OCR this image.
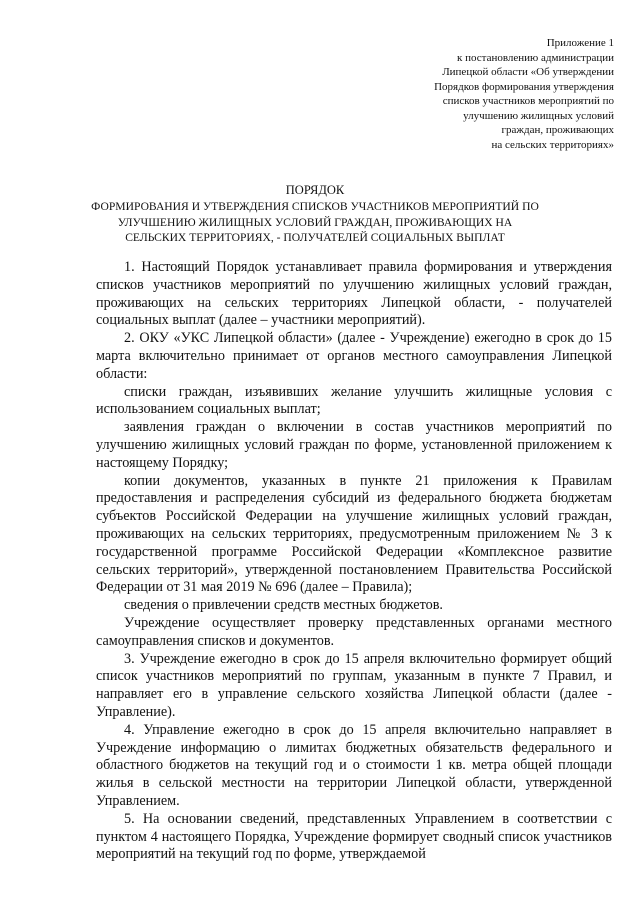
Приложение 1
к постановлению администрации
Липецкой области «Об утверждении
Порядков формирования утверждения
списков участников мероприятий по
улучшению жилищных условий
граждан, проживающих
на сельских территориях»
ПОРЯДОК
ФОРМИРОВАНИЯ И УТВЕРЖДЕНИЯ СПИСКОВ УЧАСТНИКОВ МЕРОПРИЯТИЙ ПО
УЛУЧШЕНИЮ ЖИЛИЩНЫХ УСЛОВИЙ ГРАЖДАН, ПРОЖИВАЮЩИХ НА
СЕЛЬСКИХ ТЕРРИТОРИЯХ, - ПОЛУЧАТЕЛЕЙ СОЦИАЛЬНЫХ ВЫПЛАТ

1. Настоящий Порядок устанавливает правила формирования и утверждения списков участников мероприятий по улучшению жилищных условий граждан, проживающих на сельских территориях Липецкой области, - получателей социальных выплат (далее – участники мероприятий).

2. ОКУ «УКС Липецкой области» (далее - Учреждение) ежегодно в срок до 15 марта включительно принимает от органов местного самоуправления Липецкой области:

списки граждан, изъявивших желание улучшить жилищные условия с использованием социальных выплат;

заявления граждан о включении в состав участников мероприятий по улучшению жилищных условий граждан по форме, установленной приложением к настоящему Порядку;

копии документов, указанных в пункте 21 приложения к Правилам предоставления и распределения субсидий из федерального бюджета бюджетам субъектов Российской Федерации на улучшение жилищных условий граждан, проживающих на сельских территориях, предусмотренным приложением № 3 к государственной программе Российской Федерации «Комплексное развитие сельских территорий», утвержденной постановлением Правительства Российской Федерации от 31 мая 2019 № 696 (далее – Правила);

сведения о привлечении средств местных бюджетов.

Учреждение осуществляет проверку представленных органами местного самоуправления списков и документов.

3. Учреждение ежегодно в срок до 15 апреля включительно формирует общий список участников мероприятий по группам, указанным в пункте 7 Правил, и направляет его в управление сельского хозяйства Липецкой области (далее - Управление).

4. Управление ежегодно в срок до 15 апреля включительно направляет в Учреждение информацию о лимитах бюджетных обязательств федерального и областного бюджетов на текущий год и о стоимости 1 кв. метра общей площади жилья в сельской местности на территории Липецкой области, утвержденной Управлением.

5. На основании сведений, представленных Управлением в соответствии с пунктом 4 настоящего Порядка, Учреждение формирует сводный список участников мероприятий на текущий год по форме, утверждаемой
